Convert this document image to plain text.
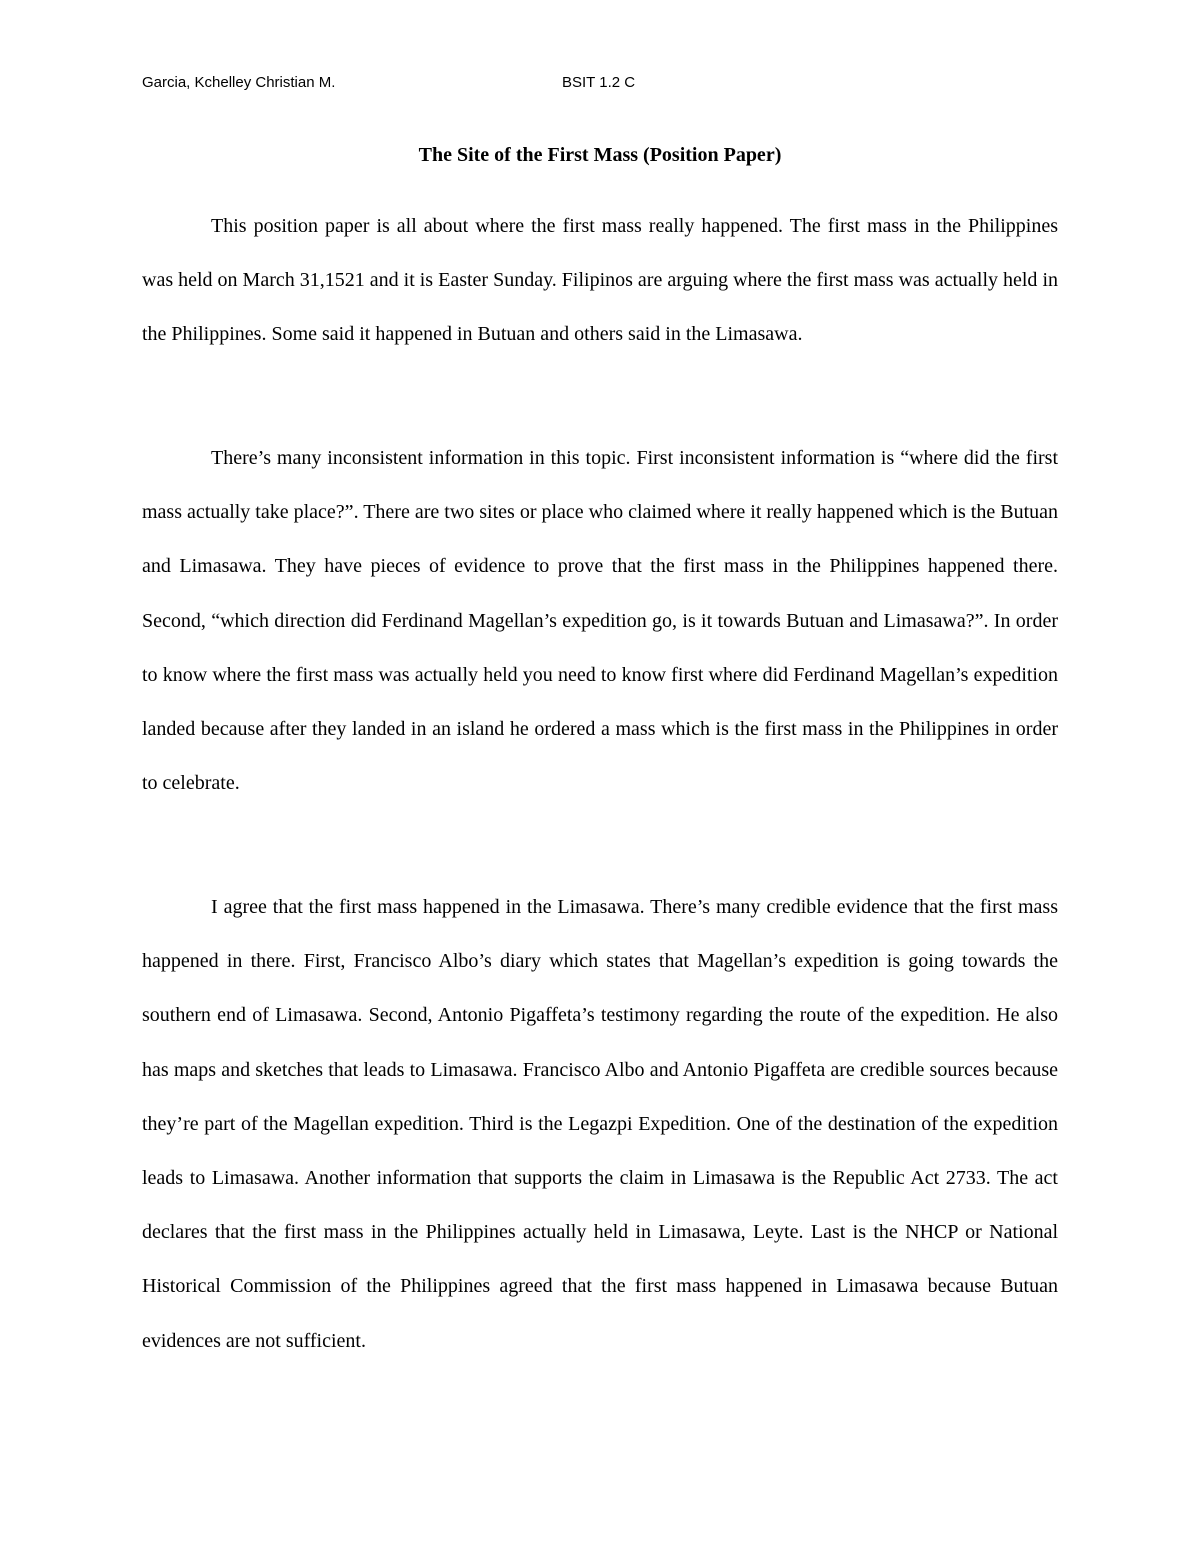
Garcia, Kchelley Christian M.	BSIT 1.2 C
The Site of the First Mass (Position Paper)

This position paper is all about where the first mass really happened. The first mass in the Philippines was held on March 31,1521 and it is Easter Sunday. Filipinos are arguing where the first mass was actually held in the Philippines. Some said it happened in Butuan and others said in the Limasawa.

There’s many inconsistent information in this topic. First inconsistent information is “where did the first mass actually take place?”. There are two sites or place who claimed where it really happened which is the Butuan and Limasawa. They have pieces of evidence to prove that the first mass in the Philippines happened there. Second, “which direction did Ferdinand Magellan’s expedition go, is it towards Butuan and Limasawa?”. In order to know where the first mass was actually held you need to know first where did Ferdinand Magellan’s expedition landed because after they landed in an island he ordered a mass which is the first mass in the Philippines in order to celebrate.

I agree that the first mass happened in the Limasawa. There’s many credible evidence that the first mass happened in there. First, Francisco Albo’s diary which states that Magellan’s expedition is going towards the southern end of Limasawa. Second, Antonio Pigaffeta’s testimony regarding the route of the expedition. He also has maps and sketches that leads to Limasawa. Francisco Albo and Antonio Pigaffeta are credible sources because they’re part of the Magellan expedition. Third is the Legazpi Expedition. One of the destination of the expedition leads to Limasawa. Another information that supports the claim in Limasawa is the Republic Act 2733. The act declares that the first mass in the Philippines actually held in Limasawa, Leyte. Last is the NHCP or National Historical Commission of the Philippines agreed that the first mass happened in Limasawa because Butuan evidences are not sufficient.
